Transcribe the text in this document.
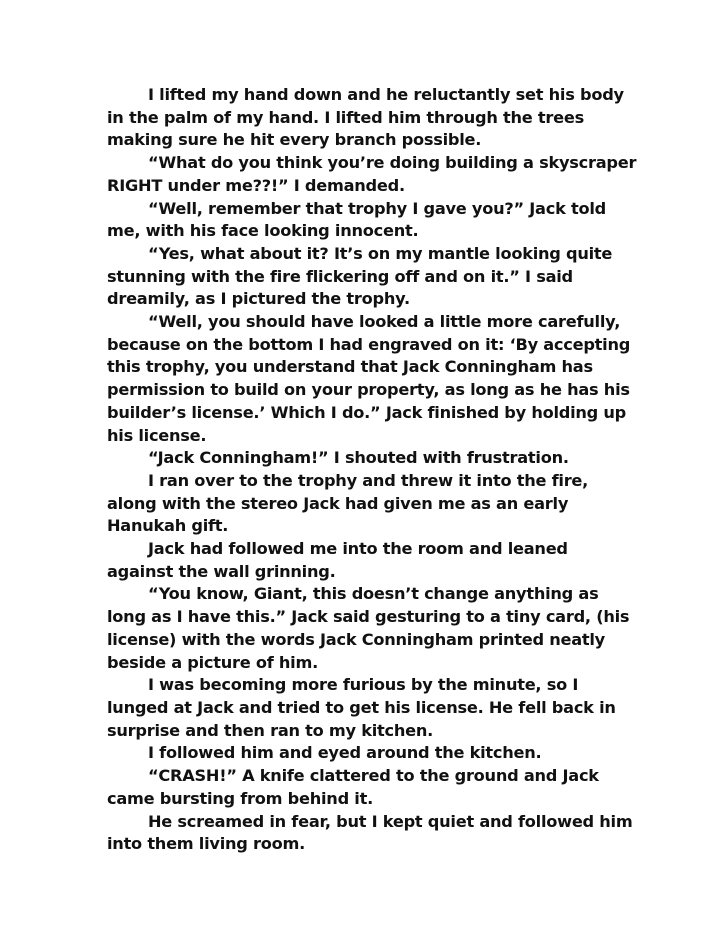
I lifted my hand down and he reluctantly set his body in the palm of my hand. I lifted him through the trees making sure he hit every branch possible.

“What do you think you’re doing building a skyscraper RIGHT under me??!” I demanded.

“Well, remember that trophy I gave you?” Jack told me, with his face looking innocent.

“Yes, what about it? It’s on my mantle looking quite stunning with the fire flickering off and on it.” I said dreamily, as I pictured the trophy.

“Well, you should have looked a little more carefully, because on the bottom I had engraved on it: ‘By accepting this trophy, you understand that Jack Conningham has permission to build on your property, as long as he has his builder’s license.’ Which I do.” Jack finished by holding up his license.

“Jack Conningham!” I shouted with frustration.

I ran over to the trophy and threw it into the fire, along with the stereo Jack had given me as an early Hanukah gift.

Jack had followed me into the room and leaned against the wall grinning.

“You know, Giant, this doesn’t change anything as long as I have this.” Jack said gesturing to a tiny card, (his license) with the words Jack Conningham printed neatly beside a picture of him.

I was becoming more furious by the minute, so I lunged at Jack and tried to get his license. He fell back in surprise and then ran to my kitchen.

I followed him and eyed around the kitchen.

“CRASH!” A knife clattered to the ground and Jack came bursting from behind it.

He screamed in fear, but I kept quiet and followed him into them living room.
